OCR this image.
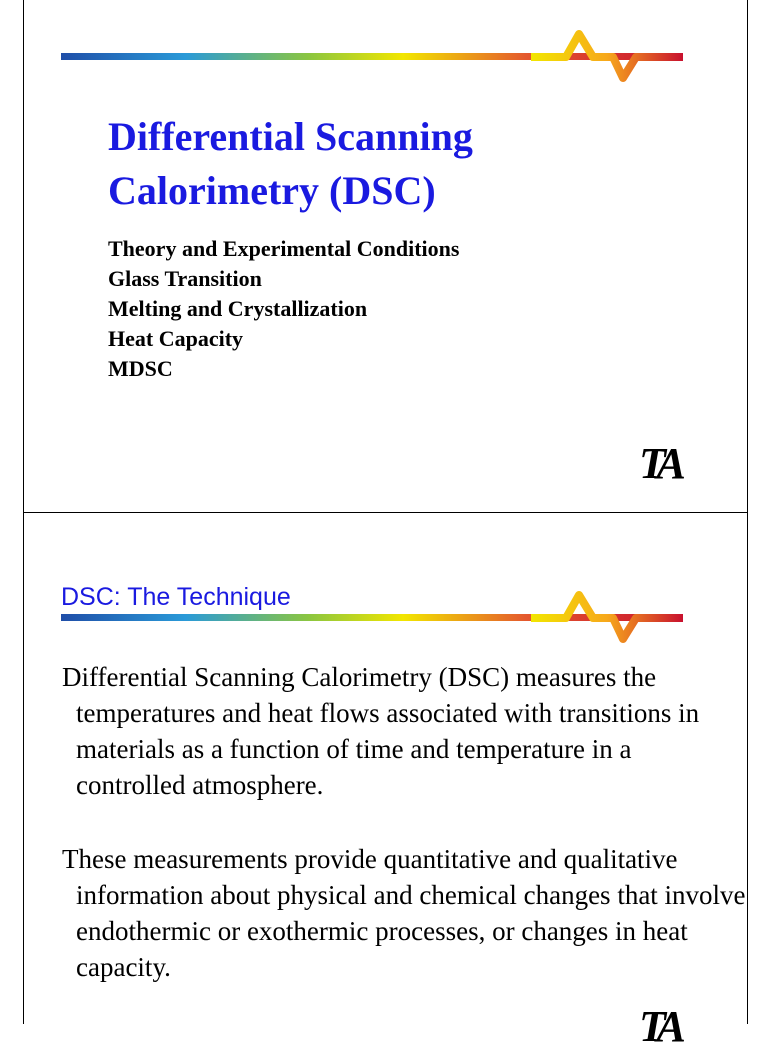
Differential Scanning
Calorimetry (DSC)
Theory and Experimental Conditions
Glass Transition
Melting and Crystallization
Heat Capacity
MDSC
TA
DSC: The Technique

Differential Scanning Calorimetry (DSC) measures the temperatures and heat flows associated with transitions in materials as a function of time and temperature in a controlled atmosphere.

These measurements provide quantitative and qualitative information about physical and chemical changes that involve endothermic or exothermic processes, or changes in heat capacity.

TA
